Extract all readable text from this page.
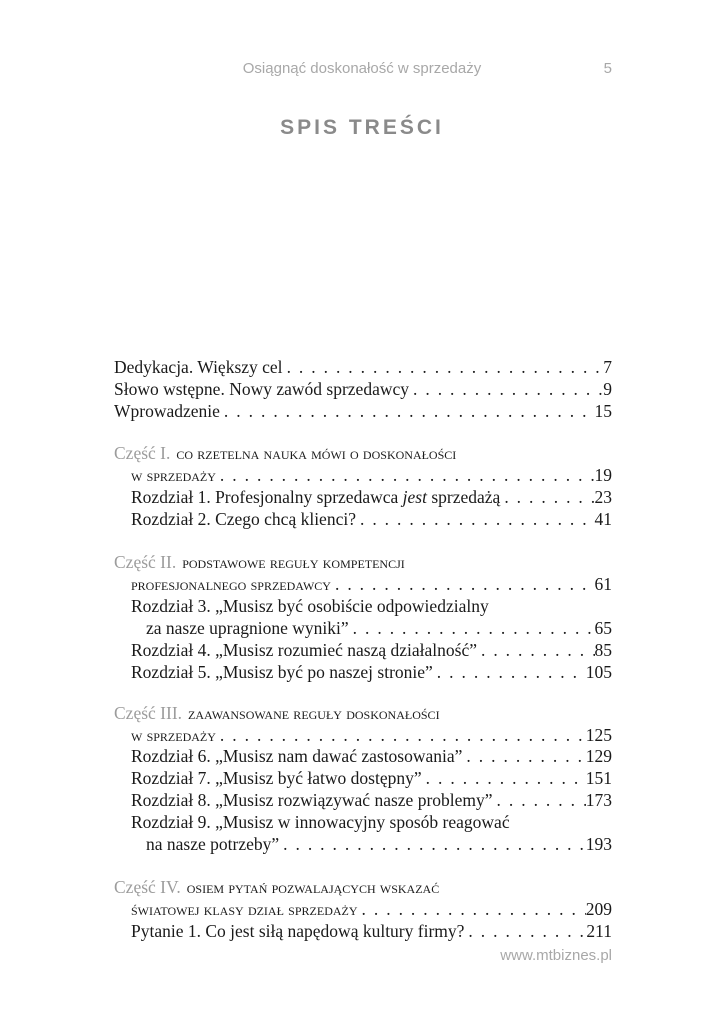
Osiągnąć doskonałość w sprzedaży	5
SPIS TREŚCI
Dedykacja. Większy cel . . .	7
Słowo wstępne. Nowy zawód sprzedawcy . . .	9
Wprowadzenie . . .	15
Część I. co rzetelna nauka mówi o doskonałości
w sprzedaży . . .	19
Rozdział 1. Profesjonalny sprzedawca jest sprzedażą . . .	23
Rozdział 2. Czego chcą klienci? . . .	41
Część II. podstawowe reguły kompetencji
profesjonalnego sprzedawcy . . .	61
Rozdział 3. „Musisz być osobiście odpowiedzialny
za nasze upragnione wyniki” . . .	65
Rozdział 4. „Musisz rozumieć naszą działalność” . . .	85
Rozdział 5. „Musisz być po naszej stronie” . . .	105
Część III. zaawansowane reguły doskonałości
w sprzedaży . . .	125
Rozdział 6. „Musisz nam dawać zastosowania” . . .	129
Rozdział 7. „Musisz być łatwo dostępny” . . .	151
Rozdział 8. „Musisz rozwiązywać nasze problemy” . . .	173
Rozdział 9. „Musisz w innowacyjny sposób reagować
na nasze potrzeby” . . .	193
Część IV. osiem pytań pozwalających wskazać
światowej klasy dział sprzedaży . . .	209
Pytanie 1. Co jest siłą napędową kultury firmy? . . .	211
www.mtbiznes.pl
